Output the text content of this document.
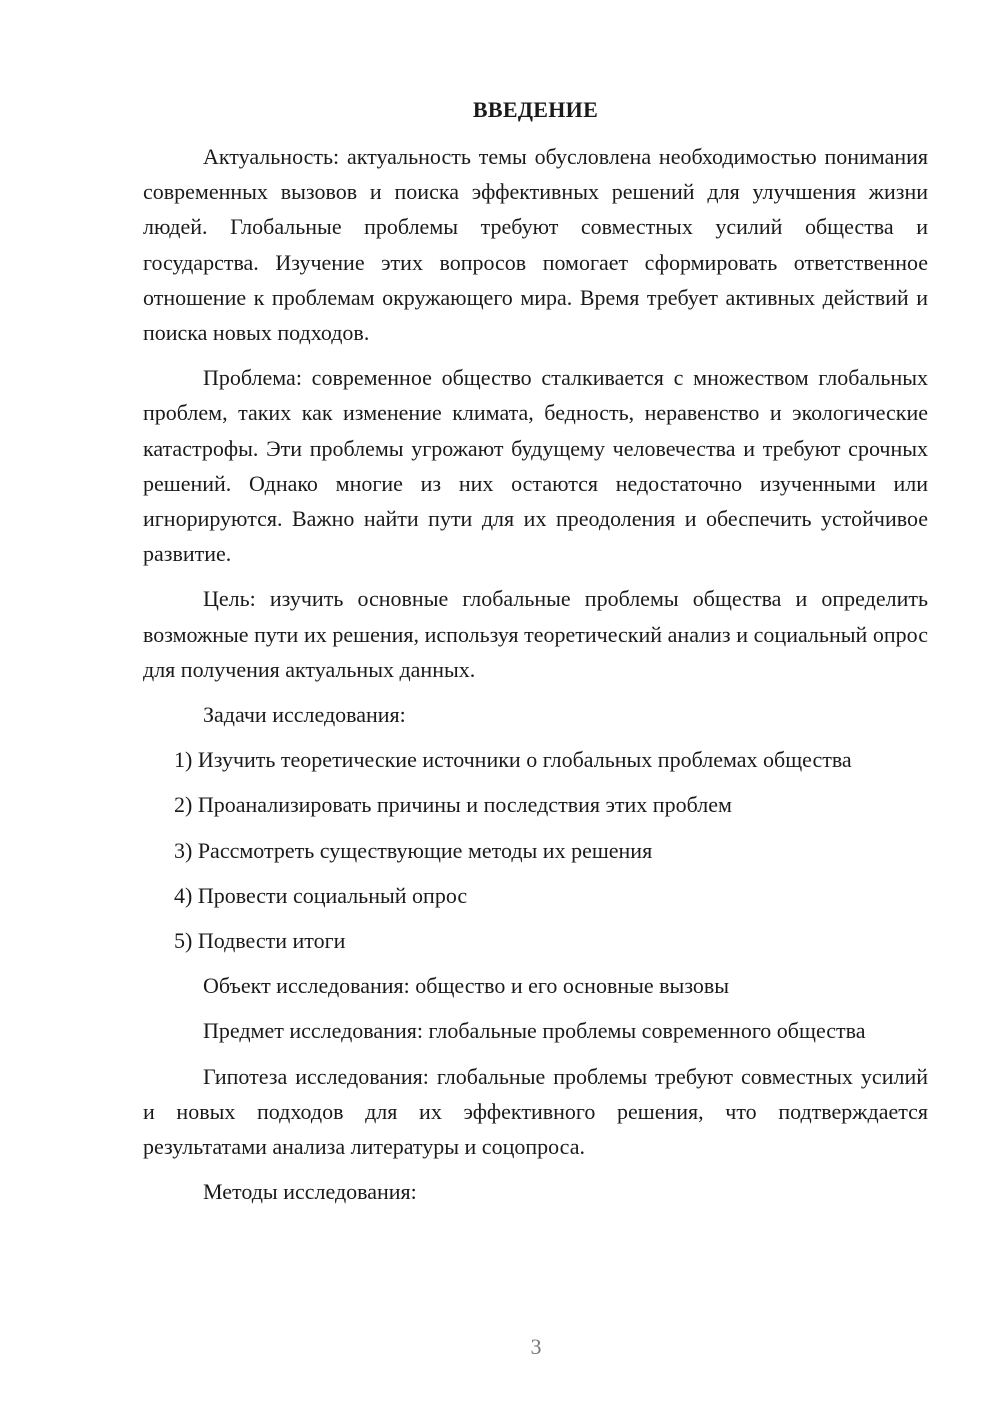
ВВЕДЕНИЕ

Актуальность: актуальность темы обусловлена необходимостью понимания современных вызовов и поиска эффективных решений для улучшения жизни людей. Глобальные проблемы требуют совместных усилий общества и государства. Изучение этих вопросов помогает сформировать ответственное отношение к проблемам окружающего мира. Время требует активных действий и поиска новых подходов.

Проблема: современное общество сталкивается с множеством глобальных проблем, таких как изменение климата, бедность, неравенство и экологические катастрофы. Эти проблемы угрожают будущему человечества и требуют срочных решений. Однако многие из них остаются недостаточно изученными или игнорируются. Важно найти пути для их преодоления и обеспечить устойчивое развитие.

Цель: изучить основные глобальные проблемы общества и определить возможные пути их решения, используя теоретический анализ и социальный опрос для получения актуальных данных.

Задачи исследования:

1) Изучить теоретические источники о глобальных проблемах общества

2) Проанализировать причины и последствия этих проблем

3) Рассмотреть существующие методы их решения

4) Провести социальный опрос

5) Подвести итоги

Объект исследования: общество и его основные вызовы

Предмет исследования: глобальные проблемы современного общества

Гипотеза исследования: глобальные проблемы требуют совместных усилий и новых подходов для их эффективного решения, что подтверждается результатами анализа литературы и соцопроса.

Методы исследования:

3
